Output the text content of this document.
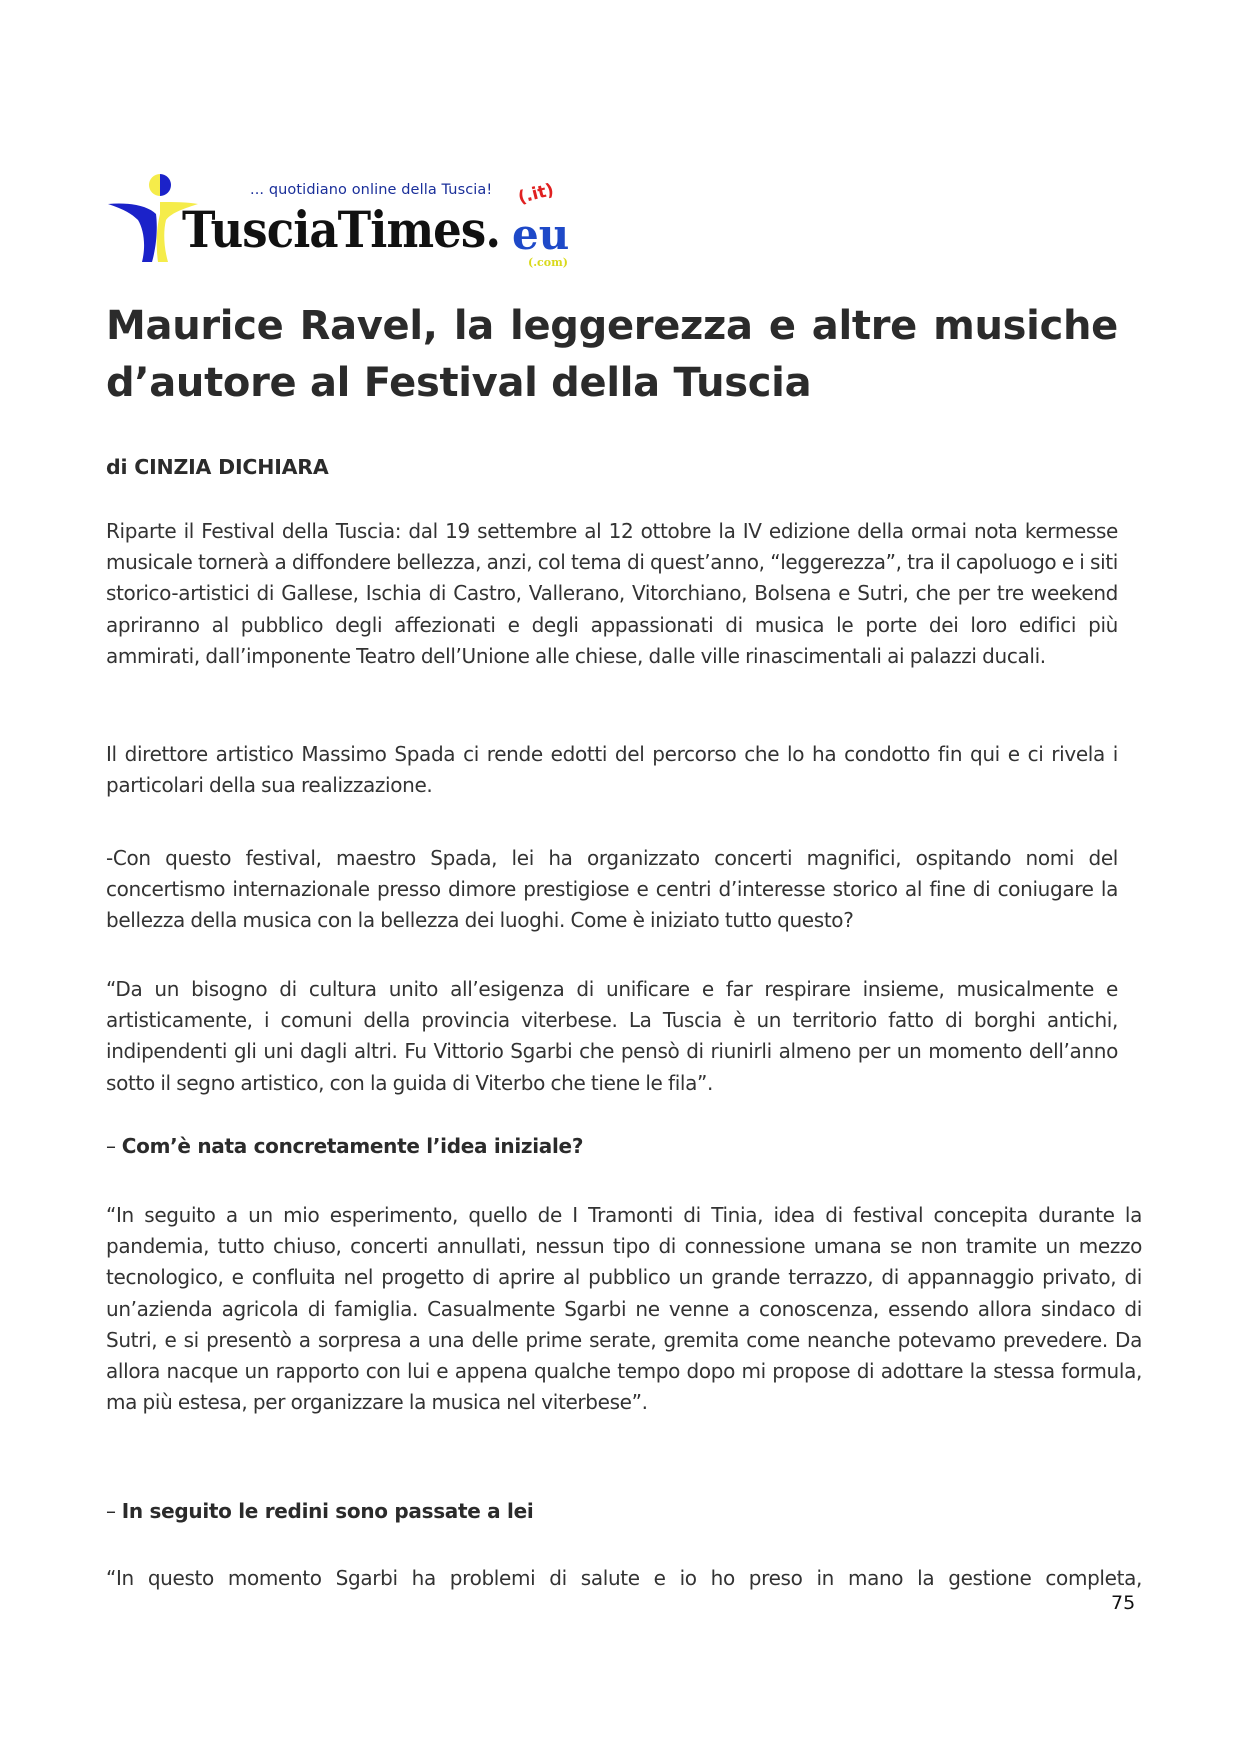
... quotidiano online della Tuscia!
TusciaTimes.
(.it)
eu
(.com)
Maurice Ravel, la leggerezza e altre musiche
d’autore al Festival della Tuscia
di CINZIA DICHIARA

Riparte il Festival della Tuscia: dal 19 settembre al 12 ottobre la IV edizione della ormai nota kermesse musicale tornerà a diffondere bellezza, anzi, col tema di quest’anno, “leggerezza”, tra il capoluogo e i siti storico-artistici di Gallese, Ischia di Castro, Vallerano, Vitorchiano, Bolsena e Sutri, che per tre weekend apriranno al pubblico degli affezionati e degli appassionati di musica le porte dei loro edifici più ammirati, dall’imponente Teatro dell’Unione alle chiese, dalle ville rinascimentali ai palazzi ducali.

Il direttore artistico Massimo Spada ci rende edotti del percorso che lo ha condotto fin qui e ci rivela i particolari della sua realizzazione.

-Con questo festival, maestro Spada, lei ha organizzato concerti magnifici, ospitando nomi del concertismo internazionale presso dimore prestigiose e centri d’interesse storico al fine di coniugare la bellezza della musica con la bellezza dei luoghi. Come è iniziato tutto questo?

“Da un bisogno di cultura unito all’esigenza di unificare e far respirare insieme, musicalmente e artisticamente, i comuni della provincia viterbese. La Tuscia è un territorio fatto di borghi antichi, indipendenti gli uni dagli altri. Fu Vittorio Sgarbi che pensò di riunirli almeno per un momento dell’anno sotto il segno artistico, con la guida di Viterbo che tiene le fila”.

– Com’è nata concretamente l’idea iniziale?

“In seguito a un mio esperimento, quello de I Tramonti di Tinia, idea di festival concepita durante la pandemia, tutto chiuso, concerti annullati, nessun tipo di connessione umana se non tramite un mezzo tecnologico, e confluita nel progetto di aprire al pubblico un grande terrazzo, di appannaggio privato, di un’azienda agricola di famiglia. Casualmente Sgarbi ne venne a conoscenza, essendo allora sindaco di Sutri, e si presentò a sorpresa a una delle prime serate, gremita come neanche potevamo prevedere. Da allora nacque un rapporto con lui e appena qualche tempo dopo mi propose di adottare la stessa formula, ma più estesa, per organizzare la musica nel viterbese”.

– In seguito le redini sono passate a lei

“In questo momento Sgarbi ha problemi di salute e io ho preso in mano la gestione completa,

75
